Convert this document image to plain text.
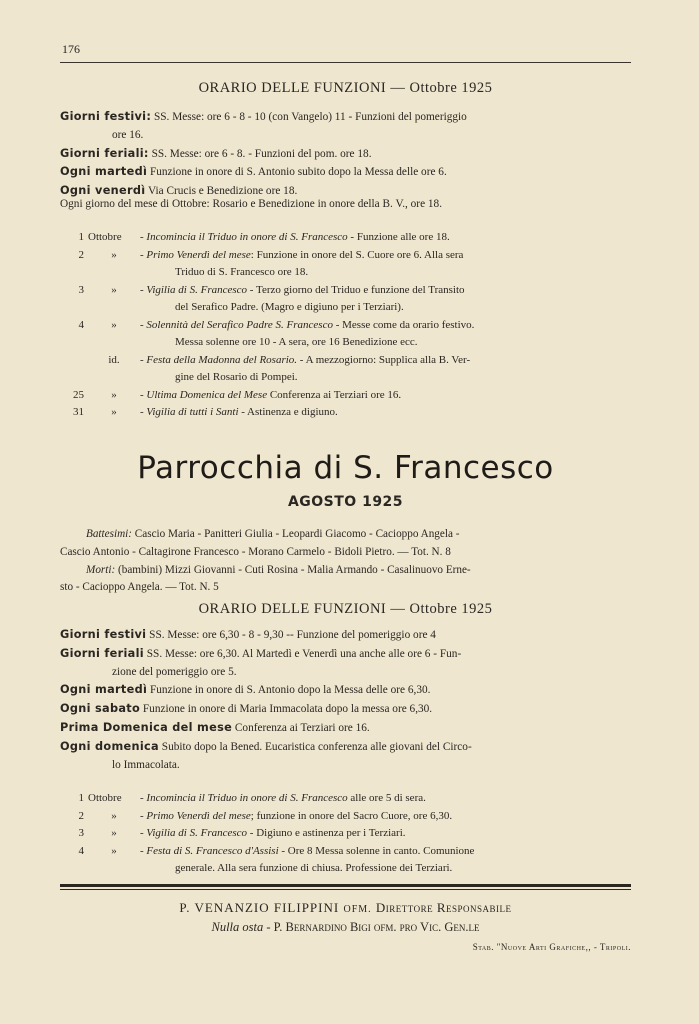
176
ORARIO DELLE FUNZIONI — Ottobre 1925
Giorni festivi: SS. Messe: ore 6 - 8 - 10 (con Vangelo) 11 - Funzioni del pomeriggio
ore 16.
Giorni feriali: SS. Messe: ore 6 - 8. - Funzioni del pom. ore 18.
Ogni martedì Funzione in onore di S. Antonio subito dopo la Messa delle ore 6.
Ogni venerdì Via Crucis e Benedizione ore 18.
Ogni giorno del mese di Ottobre: Rosario e Benedizione in onore della B. V., ore 18.
1 Ottobre	- Incomincia il Triduo in onore di S. Francesco - Funzione alle ore 18.
2	»	- Primo Venerdì del mese: Funzione in onore del S. Cuore ore 6. Alla sera
Triduo di S. Francesco ore 18.
3	»	- Vigilia di S. Francesco - Terzo giorno del Triduo e funzione del Transito
del Serafico Padre. (Magro e digiuno per i Terziari).
4	»	- Solennità del Serafico Padre S. Francesco - Messe come da orario festivo.
Messa solenne ore 10 - A sera, ore 16 Benedizione ecc.
id.	- Festa della Madonna del Rosario. - A mezzogiorno: Supplica alla B. Ver-
gine del Rosario di Pompei.
25	»	- Ultima Domenica del Mese Conferenza ai Terziari ore 16.
31	»	- Vigilia di tutti i Santi - Astinenza e digiuno.
Parrocchia di S. Francesco
AGOSTO 1925
Battesimi: Cascio Maria - Panitteri Giulia - Leopardi Giacomo - Cacioppo Angela -
Cascio Antonio - Caltagirone Francesco - Morano Carmelo - Bidoli Pietro. — Tot. N. 8
Morti: (bambini) Mizzi Giovanni - Cuti Rosina - Malia Armando - Casalinuovo Erne-
sto - Cacioppo Angela. — Tot. N. 5
ORARIO DELLE FUNZIONI — Ottobre 1925
Giorni festivi SS. Messe: ore 6,30 - 8 - 9,30 -- Funzione del pomeriggio ore 4
Giorni feriali SS. Messe: ore 6,30. Al Martedì e Venerdì una anche alle ore 6 - Fun-
zione del pomeriggio ore 5.
Ogni martedì Funzione in onore di S. Antonio dopo la Messa delle ore 6,30.
Ogni sabato Funzione in onore di Maria Immacolata dopo la messa ore 6,30.
Prima Domenica del mese Conferenza ai Terziari ore 16.
Ogni domenica Subito dopo la Bened. Eucaristica conferenza alle giovani del Circo-
lo Immacolata.
1 Ottobre	- Incomincia il Triduo in onore di S. Francesco alle ore 5 di sera.
2	»	- Primo Venerdì del mese; funzione in onore del Sacro Cuore, ore 6,30.
3	»	- Vigilia di S. Francesco - Digiuno e astinenza per i Terziari.
4	»	- Festa di S. Francesco d'Assisi - Ore 8 Messa solenne in canto. Comunione
generale. Alla sera funzione di chiusa. Professione dei Terziari.
P. VENANZIO FILIPPINI OFM. Direttore Responsabile
Nulla osta - P. Bernardino Bigi ofm. pro Vic. Gen.le
Stab. "Nuove Arti Grafiche,, - Tripoli.
